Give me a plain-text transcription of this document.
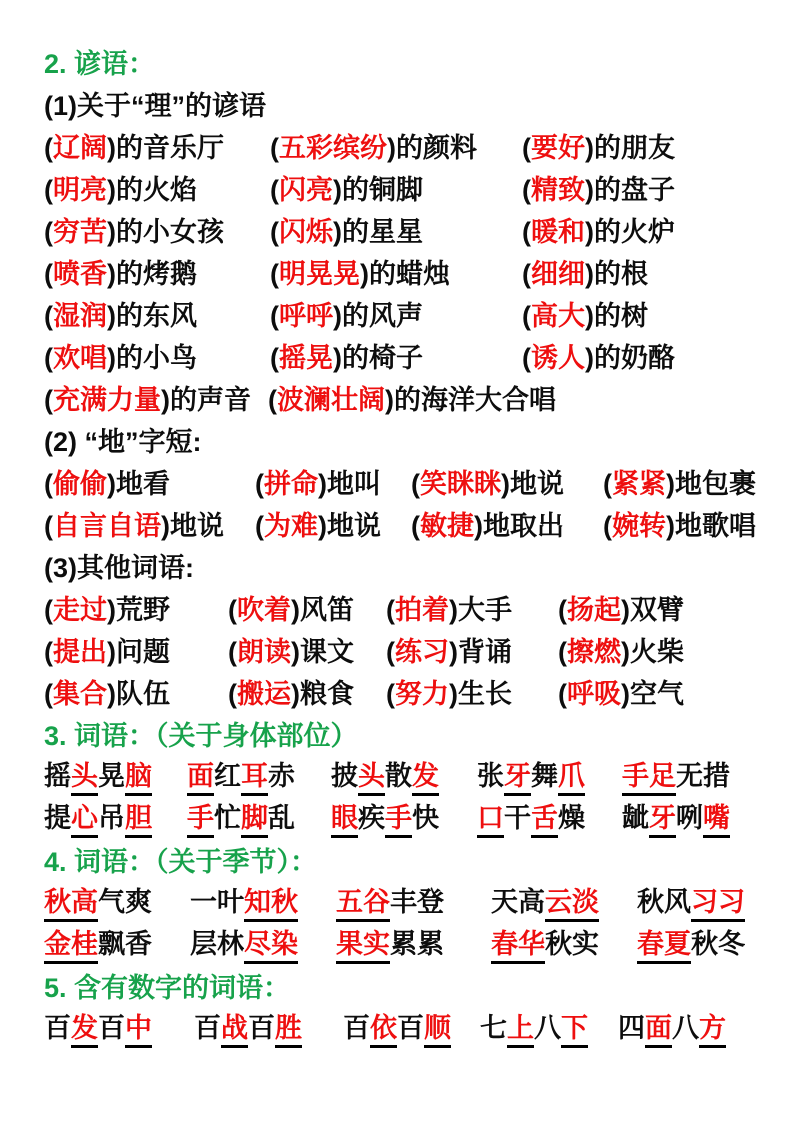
2. 谚语：
(1)关于“理”的谚语
(辽阔)的音乐厅	(五彩缤纷)的颜料	(要好)的朋友
(明亮)的火焰	(闪亮)的铜脚	(精致)的盘子
(穷苦)的小女孩	(闪烁)的星星	(暖和)的火炉
(喷香)的烤鹅	(明晃晃)的蜡烛	(细细)的根
(湿润)的东风	(呼呼)的风声	(高大)的树
(欢唱)的小鸟	(摇晃)的椅子	(诱人)的奶酪
(充满力量)的声音 (波澜壮阔)的海洋大合唱
(2) “地”字短:
(偷偷)地看	(拼命)地叫	(笑眯眯)地说	(紧紧)地包裹
(自言自语)地说	(为难)地说	(敏捷)地取出	(婉转)地歌唱
(3)其他词语:
(走过)荒野	(吹着)风笛	(拍着)大手	(扬起)双臂
(提出)问题	(朗读)课文	(练习)背诵	(擦燃)火柴
(集合)队伍	(搬运)粮食	(努力)生长	(呼吸)空气
3. 词语：（关于身体部位）
摇头晃脑	面红耳赤	披头散发	张牙舞爪	手足无措
提心吊胆	手忙脚乱	眼疾手快	口干舌燥	龇牙咧嘴
4. 词语：（关于季节）：
秋高气爽	一叶知秋	五谷丰登	天高云淡	秋风习习
金桂飘香	层林尽染	果实累累	春华秋实	春夏秋冬
5. 含有数字的词语：
百发百中	百战百胜	百依百顺	七上八下	四面八方
